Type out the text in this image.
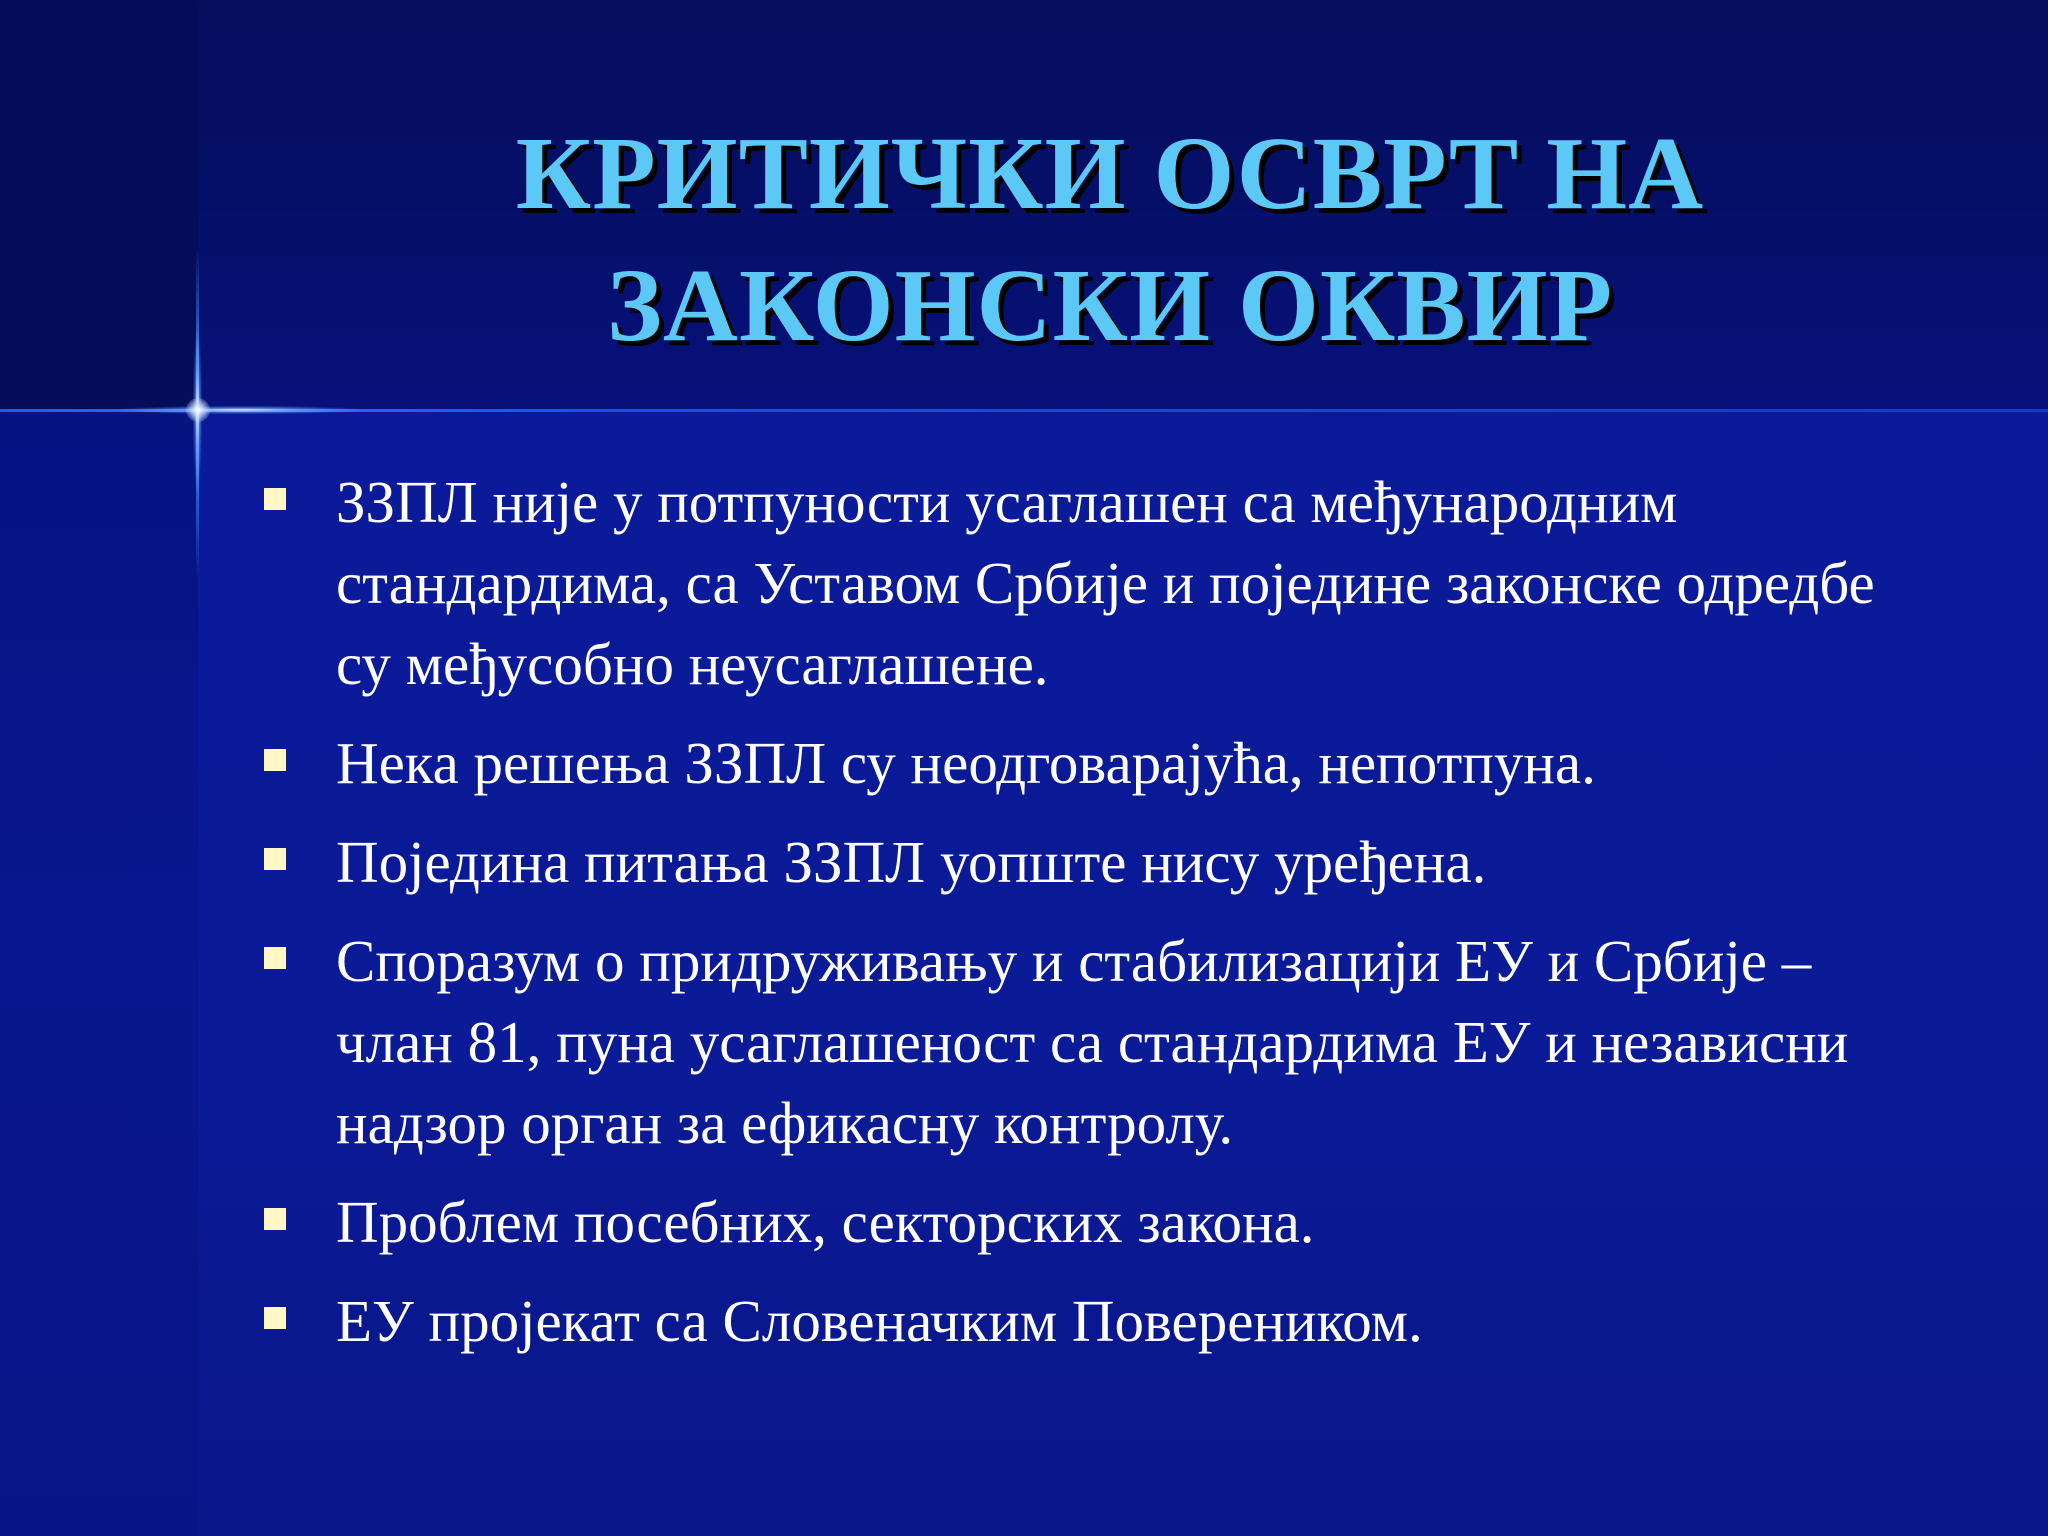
КРИТИЧКИ ОСВРТ НА
ЗАКОНСКИ ОКВИР
ЗЗПЛ није у потпуности усаглашен са међународним стандардима, са Уставом Србије и поједине законске одредбе су међусобно неусаглашене.
Нека решења ЗЗПЛ су неодговарајућа, непотпуна.
Поједина питања ЗЗПЛ уопште нису уређена.
Споразум о придруживању и стабилизацији ЕУ и Србије – члан 81, пуна усаглашеност са стандардима ЕУ и независни надзор орган за ефикасну контролу.
Проблем посебних, секторских закона.
ЕУ пројекат са Словеначким Повереником.
